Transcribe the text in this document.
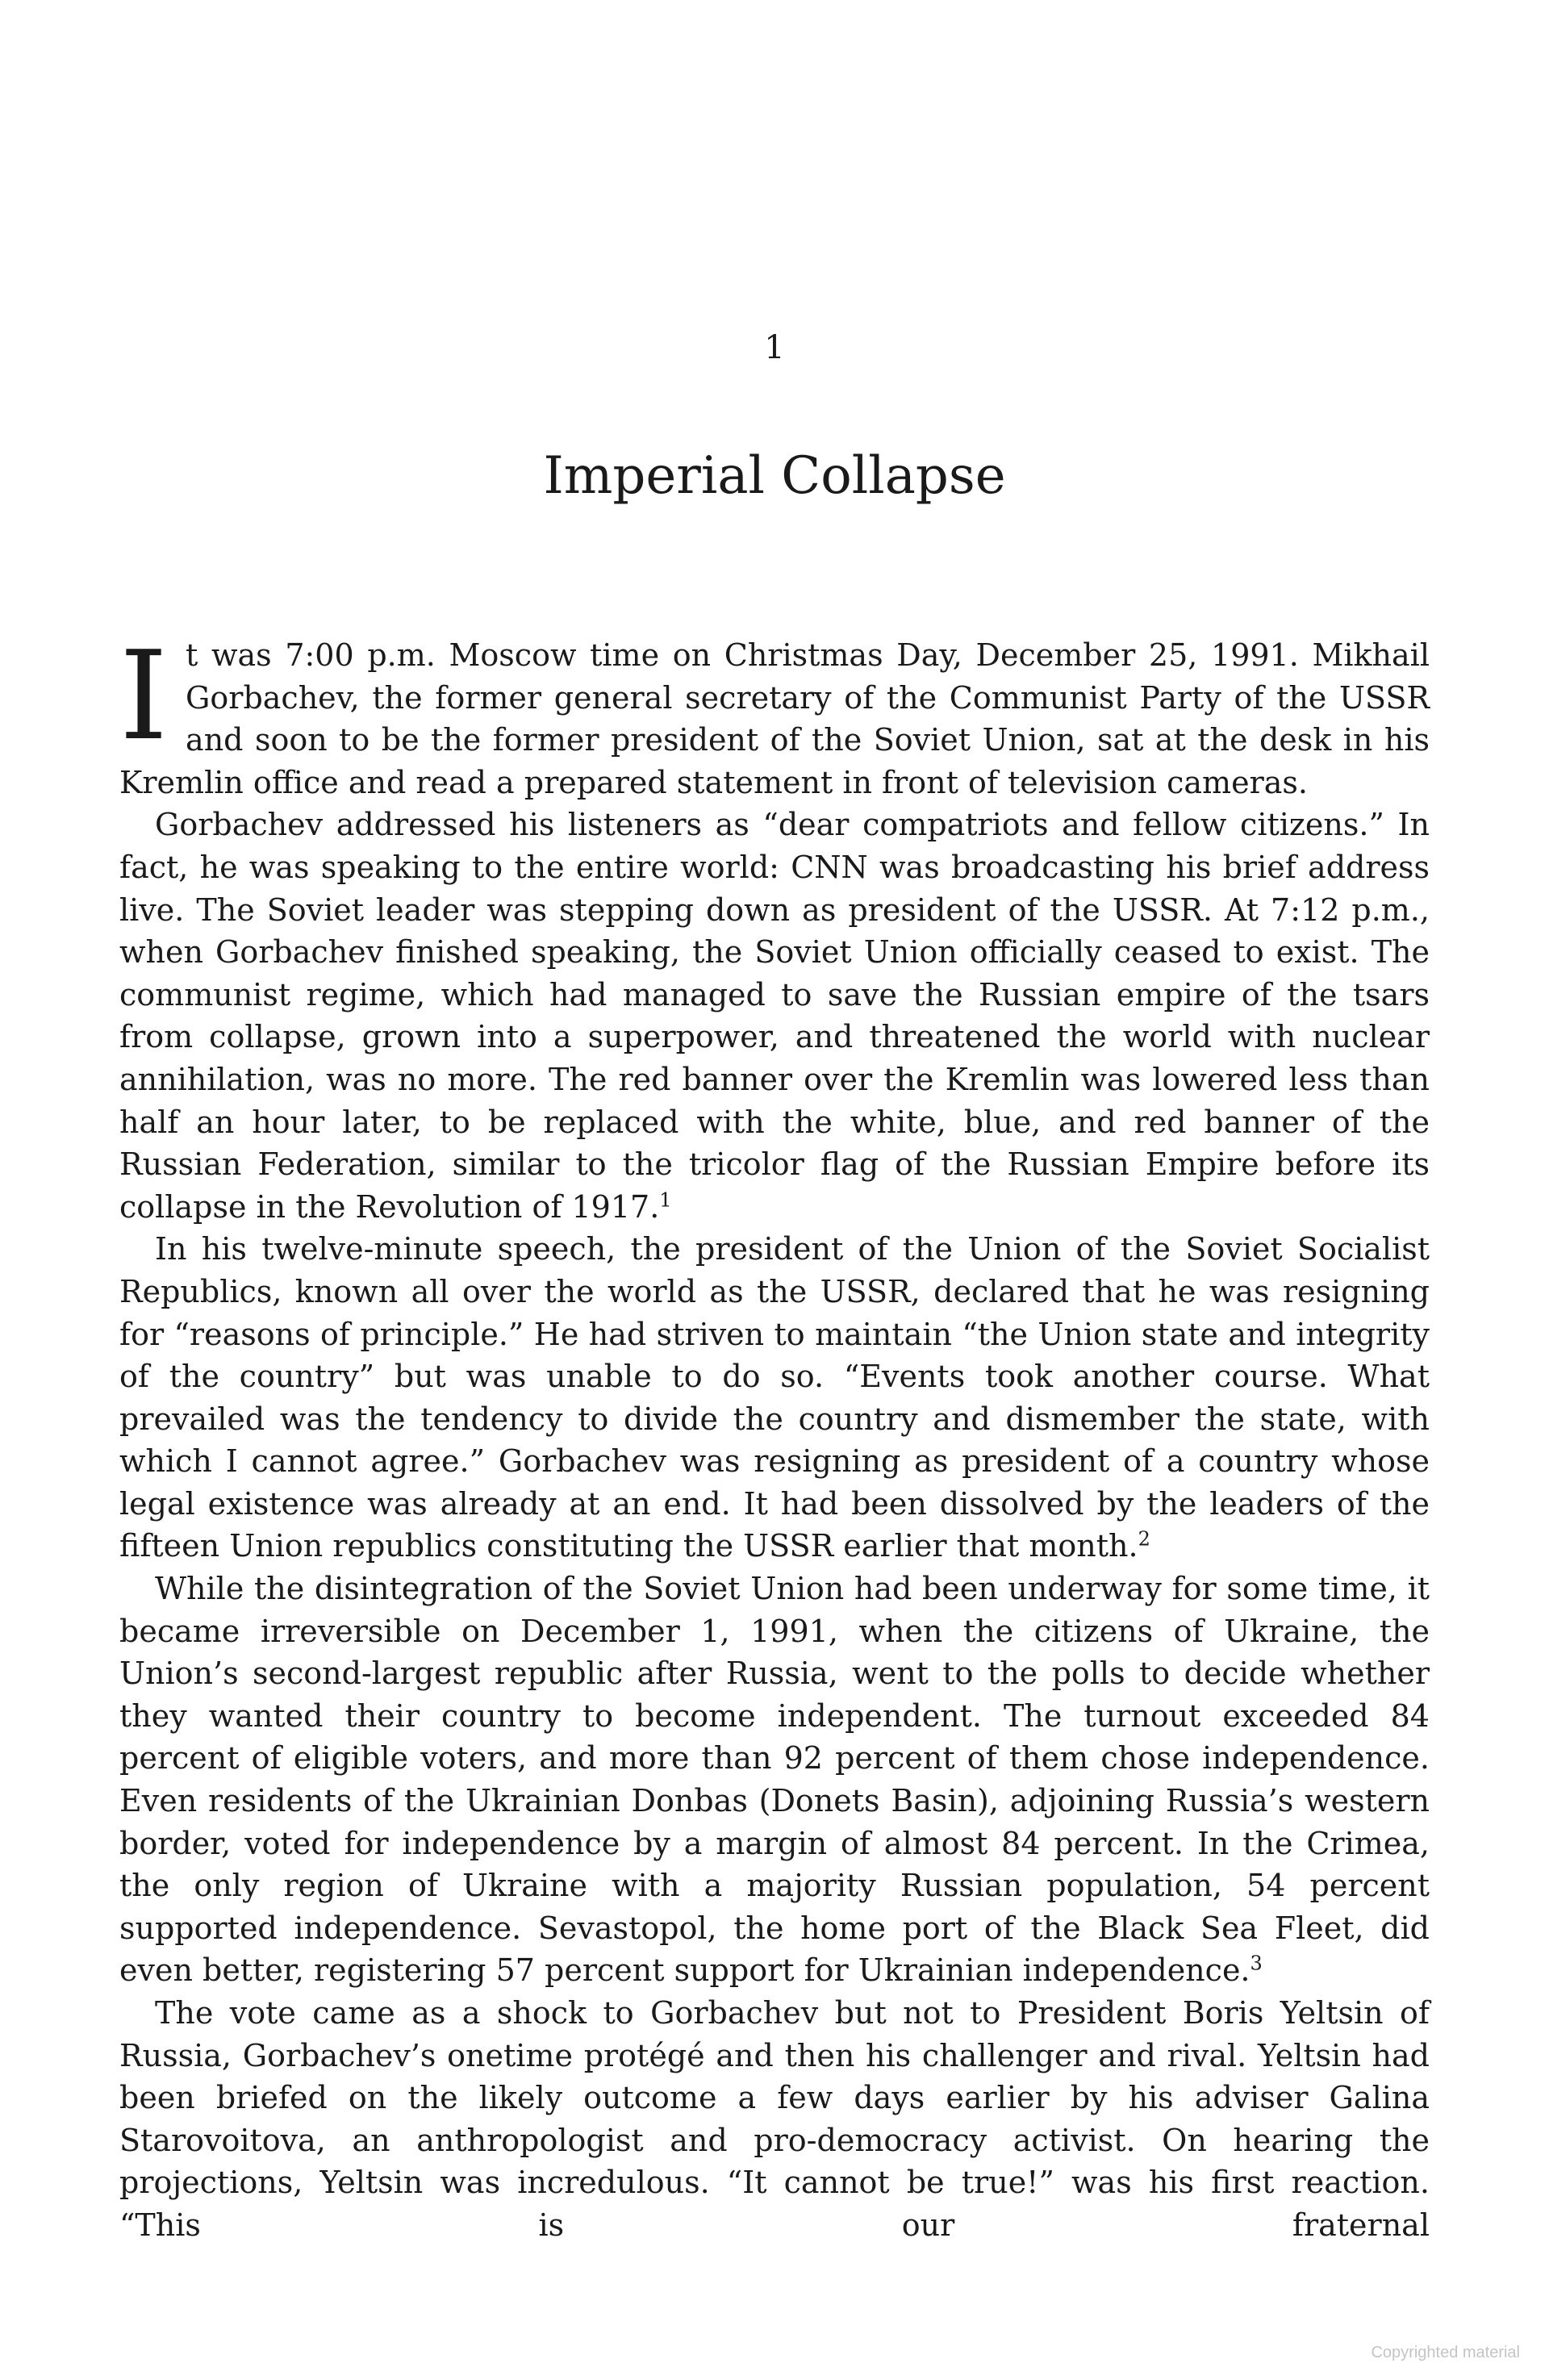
1
Imperial Collapse

It was 7:00 p.m. Moscow time on Christmas Day, December 25, 1991. Mikhail Gorbachev, the former general secretary of the Communist Party of the USSR and soon to be the former president of the Soviet Union, sat at the desk in his Kremlin office and read a prepared statement in front of television cameras.

Gorbachev addressed his listeners as “dear compatriots and fellow citizens.” In fact, he was speaking to the entire world: CNN was broadcasting his brief address live. The Soviet leader was stepping down as president of the USSR. At 7:12 p.m., when Gorbachev finished speaking, the Soviet Union officially ceased to exist. The communist regime, which had managed to save the Russian empire of the tsars from collapse, grown into a superpower, and threatened the world with nuclear annihilation, was no more. The red banner over the Kremlin was lowered less than half an hour later, to be replaced with the white, blue, and red banner of the Russian Federation, similar to the tricolor flag of the Russian Empire before its collapse in the Revolution of 1917.$^1$

In his twelve-minute speech, the president of the Union of the Soviet Socialist Republics, known all over the world as the USSR, declared that he was resigning for “reasons of principle.” He had striven to maintain “the Union state and integrity of the country” but was unable to do so. “Events took another course. What prevailed was the tendency to divide the country and dismember the state, with which I cannot agree.” Gorbachev was resigning as president of a country whose legal existence was already at an end. It had been dissolved by the leaders of the fifteen Union republics constituting the USSR earlier that month.$^2$

While the disintegration of the Soviet Union had been underway for some time, it became irreversible on December 1, 1991, when the citizens of Ukraine, the Union’s second-largest republic after Russia, went to the polls to decide whether they wanted their country to become independent. The turnout exceeded 84 percent of eligible voters, and more than 92 percent of them chose independence. Even residents of the Ukrainian Donbas (Donets Basin), adjoining Russia’s western border, voted for independence by a margin of almost 84 percent. In the Crimea, the only region of Ukraine with a majority Russian population, 54 percent supported independence. Sevastopol, the home port of the Black Sea Fleet, did even better, registering 57 percent support for Ukrainian independence.$^3$

The vote came as a shock to Gorbachev but not to President Boris Yeltsin of Russia, Gorbachev’s onetime protégé and then his challenger and rival. Yeltsin had been briefed on the likely outcome a few days earlier by his adviser Galina Starovoitova, an anthropologist and pro-democracy activist. On hearing the projections, Yeltsin was incredulous. “It cannot be true!” was his first reaction. “This is our fraternal

Copyrighted material
